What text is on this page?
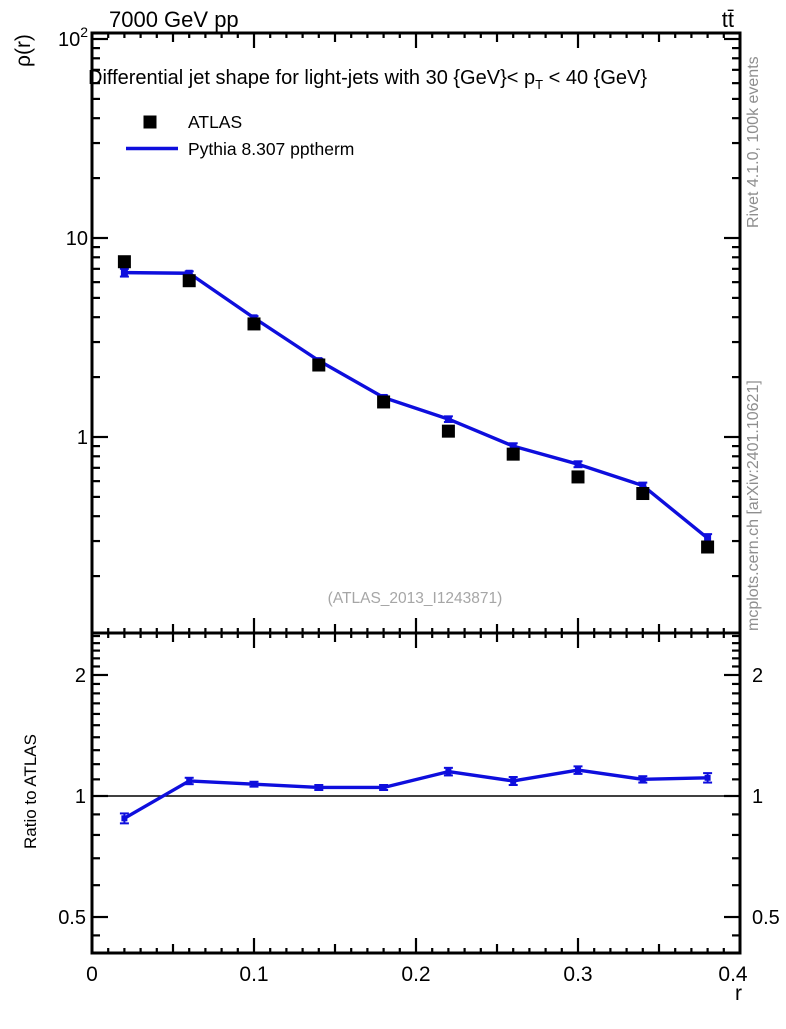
7000 GeV pp	tt̄
0	0.1	0.2	0.3	0.4
$10^2$
10
1
2	2
1	1
0.5	0.5
Differential jet shape for light-jets with 30 $\{GeV\}< p_T < 40$ {GeV}
ATLAS
Pythia 8.307 pptherm
(ATLAS_2013_I1243871)
ρ(r)
Ratio to ATLAS
r
Rivet 4.1.0, 100k events
mcplots.cern.ch [arXiv:2401.10621]
